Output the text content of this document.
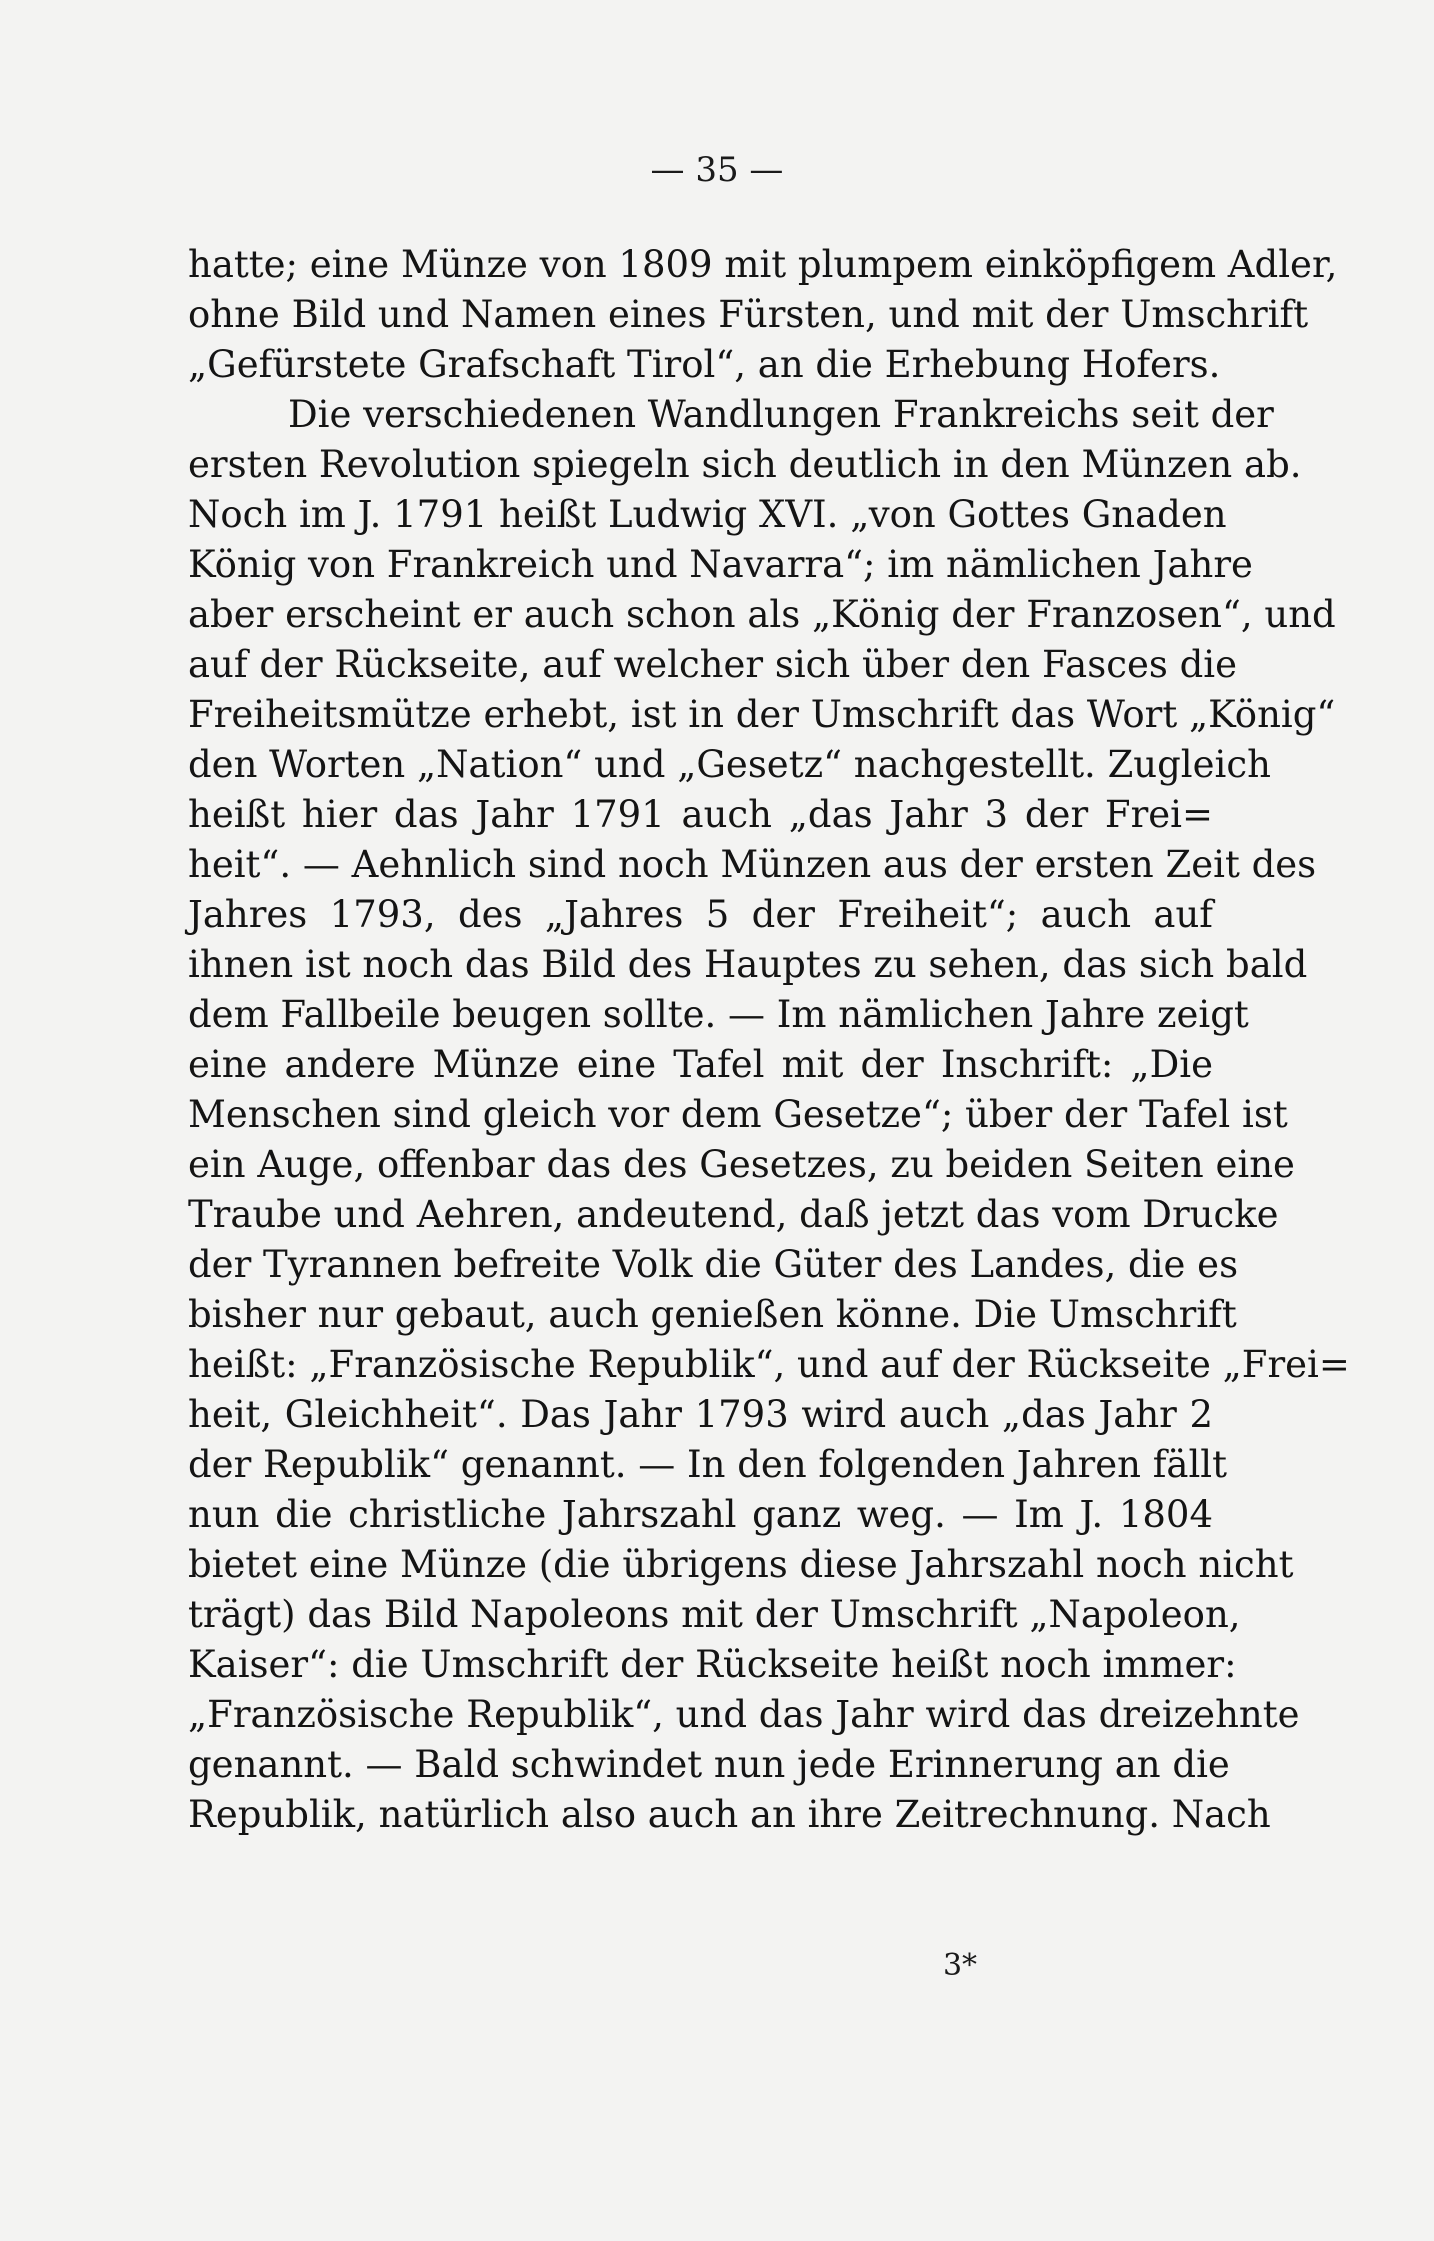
— 35 —
hatte; eine Münze von 1809 mit plumpem einköpfigem Adler,
ohne Bild und Namen eines Fürsten, und mit der Umschrift
„Gefürstete Grafschaft Tirol“, an die Erhebung Hofers.
Die verschiedenen Wandlungen Frankreichs seit der
ersten Revolution spiegeln sich deutlich in den Münzen ab.
Noch im J. 1791 heißt Ludwig XVI. „von Gottes Gnaden
König von Frankreich und Navarra“; im nämlichen Jahre
aber erscheint er auch schon als „König der Franzosen“, und
auf der Rückseite, auf welcher sich über den Fasces die
Freiheitsmütze erhebt, ist in der Umschrift das Wort „König“
den Worten „Nation“ und „Gesetz“ nachgestellt. Zugleich
heißt hier das Jahr 1791 auch „das Jahr 3 der Frei=
heit“. — Aehnlich sind noch Münzen aus der ersten Zeit des
Jahres 1793, des „Jahres 5 der Freiheit“; auch auf
ihnen ist noch das Bild des Hauptes zu sehen, das sich bald
dem Fallbeile beugen sollte. — Im nämlichen Jahre zeigt
eine andere Münze eine Tafel mit der Inschrift: „Die
Menschen sind gleich vor dem Gesetze“; über der Tafel ist
ein Auge, offenbar das des Gesetzes, zu beiden Seiten eine
Traube und Aehren, andeutend, daß jetzt das vom Drucke
der Tyrannen befreite Volk die Güter des Landes, die es
bisher nur gebaut, auch genießen könne. Die Umschrift
heißt: „Französische Republik“, und auf der Rückseite „Frei=
heit, Gleichheit“. Das Jahr 1793 wird auch „das Jahr 2
der Republik“ genannt. — In den folgenden Jahren fällt
nun die christliche Jahrszahl ganz weg. — Im J. 1804
bietet eine Münze (die übrigens diese Jahrszahl noch nicht
trägt) das Bild Napoleons mit der Umschrift „Napoleon,
Kaiser“: die Umschrift der Rückseite heißt noch immer:
„Französische Republik“, und das Jahr wird das dreizehnte
genannt. — Bald schwindet nun jede Erinnerung an die
Republik, natürlich also auch an ihre Zeitrechnung. Nach
3*
